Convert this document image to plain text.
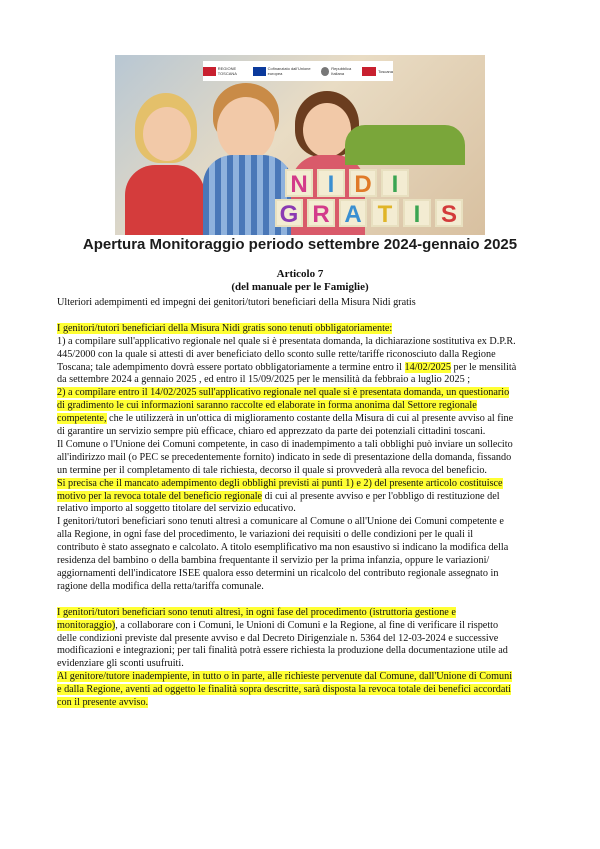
REGIONE TOSCANA
Cofinanziato dall'Unione europea
Repubblica Italiana	Toscana
N I D I
G R A T I S
Apertura Monitoraggio periodo settembre 2024-gennaio 2025
Articolo 7
(del manuale per le Famiglie)

Ulteriori adempimenti ed impegni dei genitori/tutori beneficiari della Misura Nidi gratis

I genitori/tutori beneficiari della Misura Nidi gratis sono tenuti obbligatoriamente:

1) a compilare sull'applicativo regionale nel quale si è presentata domanda, la dichiarazione sostitutiva ex D.P.R. 445/2000 con la quale si attesti di aver beneficiato dello sconto sulle rette/tariffe riconosciuto dalla Regione Toscana; tale adempimento dovrà essere portato obbligatoriamente a termine entro il 14/02/2025 per le mensilità da settembre 2024 a gennaio 2025 , ed entro il 15/09/2025 per le mensilità da febbraio a luglio 2025 ;

2) a compilare entro il 14/02/2025 sull'applicativo regionale nel quale si è presentata domanda, un questionario di gradimento le cui informazioni saranno raccolte ed elaborate in forma anonima dal Settore regionale competente, che le utilizzerà in un'ottica di miglioramento costante della Misura di cui al presente avviso al fine di garantire un servizio sempre più efficace, chiaro ed apprezzato da parte dei potenziali cittadini toscani.

Il Comune o l'Unione dei Comuni competente, in caso di inadempimento a tali obblighi può inviare un sollecito all'indirizzo mail (o PEC se precedentemente fornito) indicato in sede di presentazione della domanda, fissando un termine per il completamento di tale richiesta, decorso il quale si provvederà alla revoca del beneficio.

Si precisa che il mancato adempimento degli obblighi previsti ai punti 1) e 2) del presente articolo costituisce motivo per la revoca totale del beneficio regionale di cui al presente avviso e per l'obbligo di restituzione del relativo importo al soggetto titolare del servizio educativo.

I genitori/tutori beneficiari sono tenuti altresì a comunicare al Comune o all'Unione dei Comuni competente e alla Regione, in ogni fase del procedimento, le variazioni dei requisiti o delle condizioni per le quali il contributo è stato assegnato e calcolato. A titolo esemplificativo ma non esaustivo si indicano la modifica della residenza del bambino o della bambina frequentante il servizio per la prima infanzia, oppure le variazioni/ aggiornamenti dell'indicatore ISEE qualora esso determini un ricalcolo del contributo regionale assegnato in ragione della modifica della retta/tariffa comunale.

I genitori/tutori beneficiari sono tenuti altresì, in ogni fase del procedimento (istruttoria gestione e monitoraggio), a collaborare con i Comuni, le Unioni di Comuni e la Regione, al fine di verificare il rispetto delle condizioni previste dal presente avviso e dal Decreto Dirigenziale n. 5364 del 12-03-2024 e successive modificazioni e integrazioni; per tali finalità potrà essere richiesta la produzione della documentazione utile ad evidenziare gli sconti usufruiti.

Al genitore/tutore inadempiente, in tutto o in parte, alle richieste pervenute dal Comune, dall'Unione di Comuni e dalla Regione, aventi ad oggetto le finalità sopra descritte, sarà disposta la revoca totale dei benefici accordati con il presente avviso.
